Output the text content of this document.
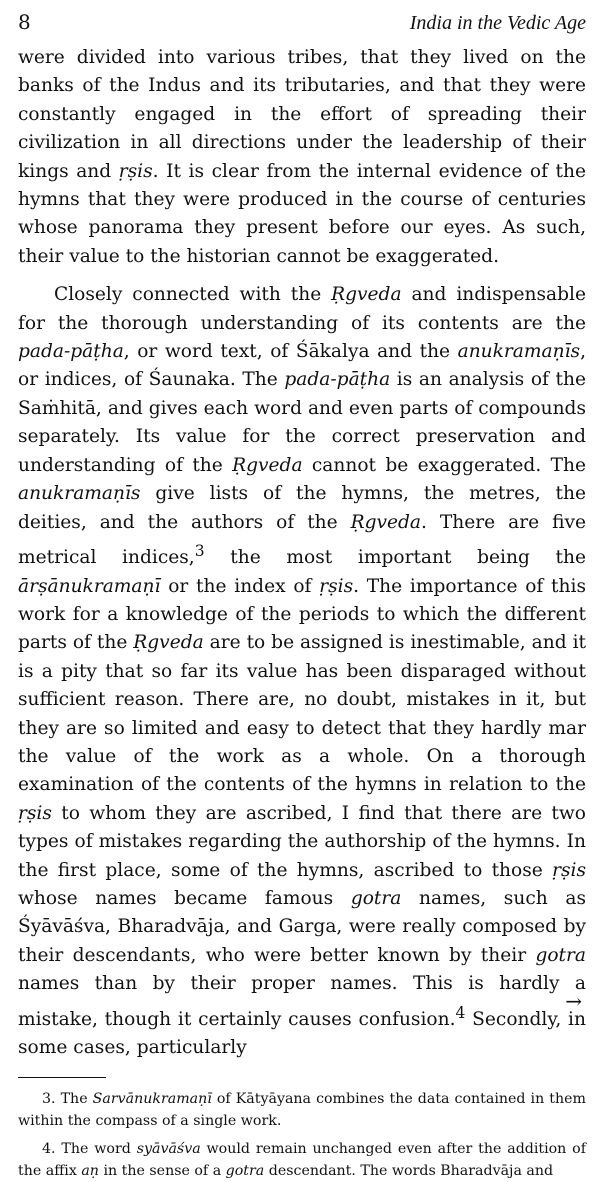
8	India in the Vedic Age

were divided into various tribes, that they lived on the banks of the Indus and its tributaries, and that they were constantly engaged in the effort of spreading their civilization in all directions under the leadership of their kings and ṛṣis. It is clear from the internal evidence of the hymns that they were produced in the course of centuries whose panorama they present before our eyes. As such, their value to the historian cannot be exaggerated.

Closely connected with the Ṛgveda and indispensable for the thorough understanding of its contents are the pada-pāṭha, or word text, of Śākalya and the anukramaṇīs, or indices, of Śaunaka. The pada-pāṭha is an analysis of the Saṁhitā, and gives each word and even parts of compounds separately. Its value for the correct preservation and understanding of the Ṛgveda cannot be exaggerated. The anukramaṇīs give lists of the hymns, the metres, the deities, and the authors of the Ṛgveda. There are five metrical indices,$^3$ the most important being the ārṣānukramaṇī or the index of ṛṣis. The importance of this work for a knowledge of the periods to which the different parts of the Ṛgveda are to be assigned is inestimable, and it is a pity that so far its value has been disparaged without sufficient reason. There are, no doubt, mistakes in it, but they are so limited and easy to detect that they hardly mar the value of the work as a whole. On a thorough examination of the contents of the hymns in relation to the ṛṣis to whom they are ascribed, I find that there are two types of mistakes regarding the authorship of the hymns. In the first place, some of the hymns, ascribed to those ṛṣis whose names became famous gotra names, such as Śyāvāśva, Bharadvāja, and Garga, were really composed by their descendants, who were better known by their gotra names than by their proper names. This is hardly a mistake, though it certainly causes confusion.$^4$ Secondly, in some cases, particularly

3. The Sarvānukramaṇī of Kātyāyana combines the data contained in them within the compass of a single work.

4. The word syāvāśva would remain unchanged even after the addition of the affix aṇ in the sense of a gotra descendant. The words Bharadvāja and

→
